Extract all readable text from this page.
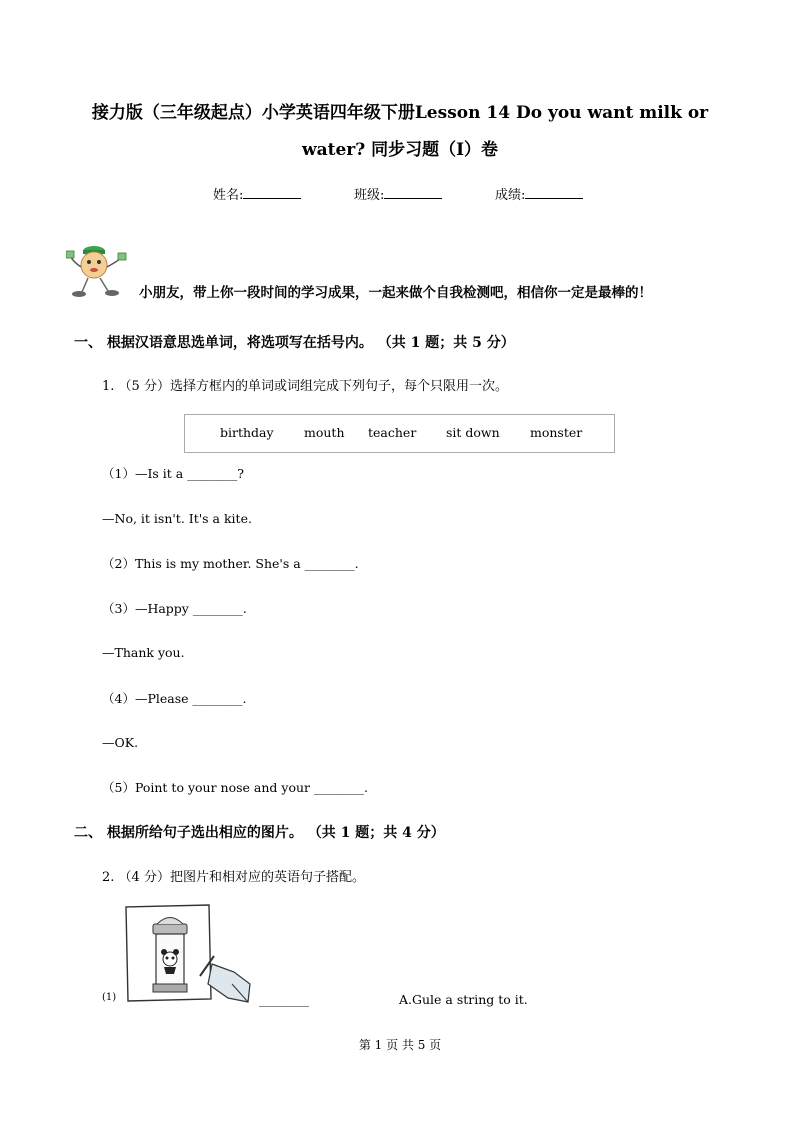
接力版（三年级起点）小学英语四年级下册Lesson 14 Do you want milk or
water? 同步习题（I）卷
姓名:	班级:	成绩:
小朋友，带上你一段时间的学习成果，一起来做个自我检测吧，相信你一定是最棒的！
一、 根据汉语意思选单词，将选项写在括号内。 （共 1 题；共 5 分）
1. （5 分）选择方框内的单词或词组完成下列句子，每个只限用一次。
birthday mouth teacher sit down monster
（1）—Is it a ________?
—No, it isn't. It's a kite.
（2）This is my mother. She's a ________.
（3）—Happy ________.
—Thank you.
（4）—Please ________.
—OK.
（5）Point to your nose and your ________.
二、 根据所给句子选出相应的图片。 （共 1 题；共 4 分）
2. （4 分）把图片和相对应的英语句子搭配。
(1)	________	A.Gule a string to it.
第 1 页 共 5 页
